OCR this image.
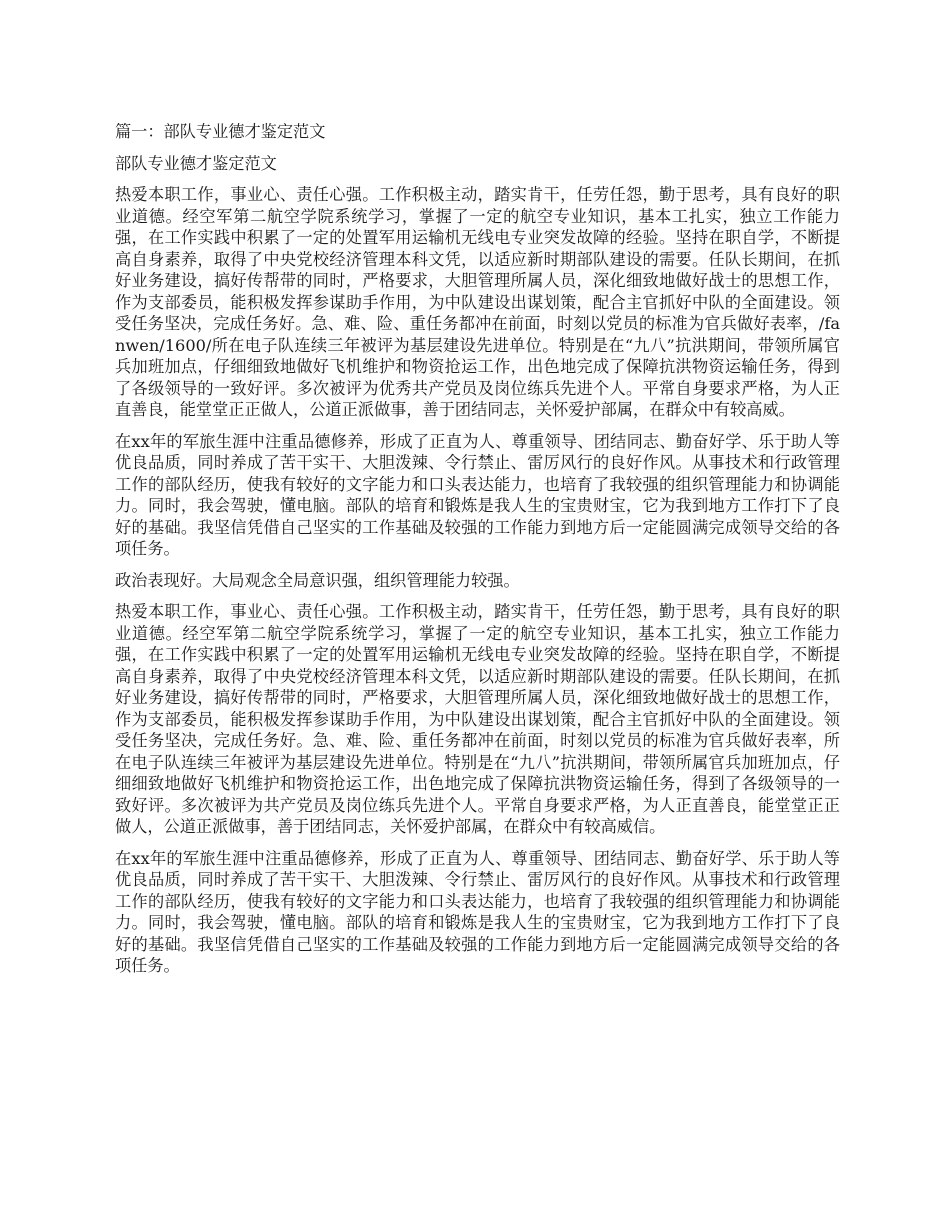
篇一：部队专业德才鉴定范文

部队专业德才鉴定范文

热爱本职工作，事业心、责任心强。工作积极主动，踏实肯干，任劳任怨，勤于思考，具有良好的职业道德。经空军第二航空学院系统学习，掌握了一定的航空专业知识，基本工扎实，独立工作能力强，在工作实践中积累了一定的处置军用运输机无线电专业突发故障的经验。坚持在职自学，不断提高自身素养，取得了中央党校经济管理本科文凭，以适应新时期部队建设的需要。任队长期间，在抓好业务建设，搞好传帮带的同时，严格要求，大胆管理所属人员，深化细致地做好战士的思想工作，作为支部委员，能积极发挥参谋助手作用，为中队建设出谋划策，配合主官抓好中队的全面建设。领受任务坚决，完成任务好。急、难、险、重任务都冲在前面，时刻以党员的标准为官兵做好表率，/fanwen/1600/所在电子队连续三年被评为基层建设先进单位。特别是在“九八”抗洪期间，带领所属官兵加班加点，仔细细致地做好飞机维护和物资抢运工作，出色地完成了保障抗洪物资运输任务，得到了各级领导的一致好评。多次被评为优秀共产党员及岗位练兵先进个人。平常自身要求严格，为人正直善良，能堂堂正正做人，公道正派做事，善于团结同志，关怀爱护部属，在群众中有较高威。

在xx年的军旅生涯中注重品德修养，形成了正直为人、尊重领导、团结同志、勤奋好学、乐于助人等优良品质，同时养成了苦干实干、大胆泼辣、令行禁止、雷厉风行的良好作风。从事技术和行政管理工作的部队经历，使我有较好的文字能力和口头表达能力，也培育了我较强的组织管理能力和协调能力。同时，我会驾驶，懂电脑。部队的培育和锻炼是我人生的宝贵财宝，它为我到地方工作打下了良好的基础。我坚信凭借自己坚实的工作基础及较强的工作能力到地方后一定能圆满完成领导交给的各项任务。

政治表现好。大局观念全局意识强，组织管理能力较强。

热爱本职工作，事业心、责任心强。工作积极主动，踏实肯干，任劳任怨，勤于思考，具有良好的职业道德。经空军第二航空学院系统学习，掌握了一定的航空专业知识，基本工扎实，独立工作能力强，在工作实践中积累了一定的处置军用运输机无线电专业突发故障的经验。坚持在职自学，不断提高自身素养，取得了中央党校经济管理本科文凭，以适应新时期部队建设的需要。任队长期间，在抓好业务建设，搞好传帮带的同时，严格要求，大胆管理所属人员，深化细致地做好战士的思想工作，作为支部委员，能积极发挥参谋助手作用，为中队建设出谋划策，配合主官抓好中队的全面建设。领受任务坚决，完成任务好。急、难、险、重任务都冲在前面，时刻以党员的标准为官兵做好表率，所在电子队连续三年被评为基层建设先进单位。特别是在“九八”抗洪期间，带领所属官兵加班加点，仔细细致地做好飞机维护和物资抢运工作，出色地完成了保障抗洪物资运输任务，得到了各级领导的一致好评。多次被评为共产党员及岗位练兵先进个人。平常自身要求严格，为人正直善良，能堂堂正正做人，公道正派做事，善于团结同志，关怀爱护部属，在群众中有较高威信。

在xx年的军旅生涯中注重品德修养，形成了正直为人、尊重领导、团结同志、勤奋好学、乐于助人等优良品质，同时养成了苦干实干、大胆泼辣、令行禁止、雷厉风行的良好作风。从事技术和行政管理工作的部队经历，使我有较好的文字能力和口头表达能力，也培育了我较强的组织管理能力和协调能力。同时，我会驾驶，懂电脑。部队的培育和锻炼是我人生的宝贵财宝，它为我到地方工作打下了良好的基础。我坚信凭借自己坚实的工作基础及较强的工作能力到地方后一定能圆满完成领导交给的各项任务。
